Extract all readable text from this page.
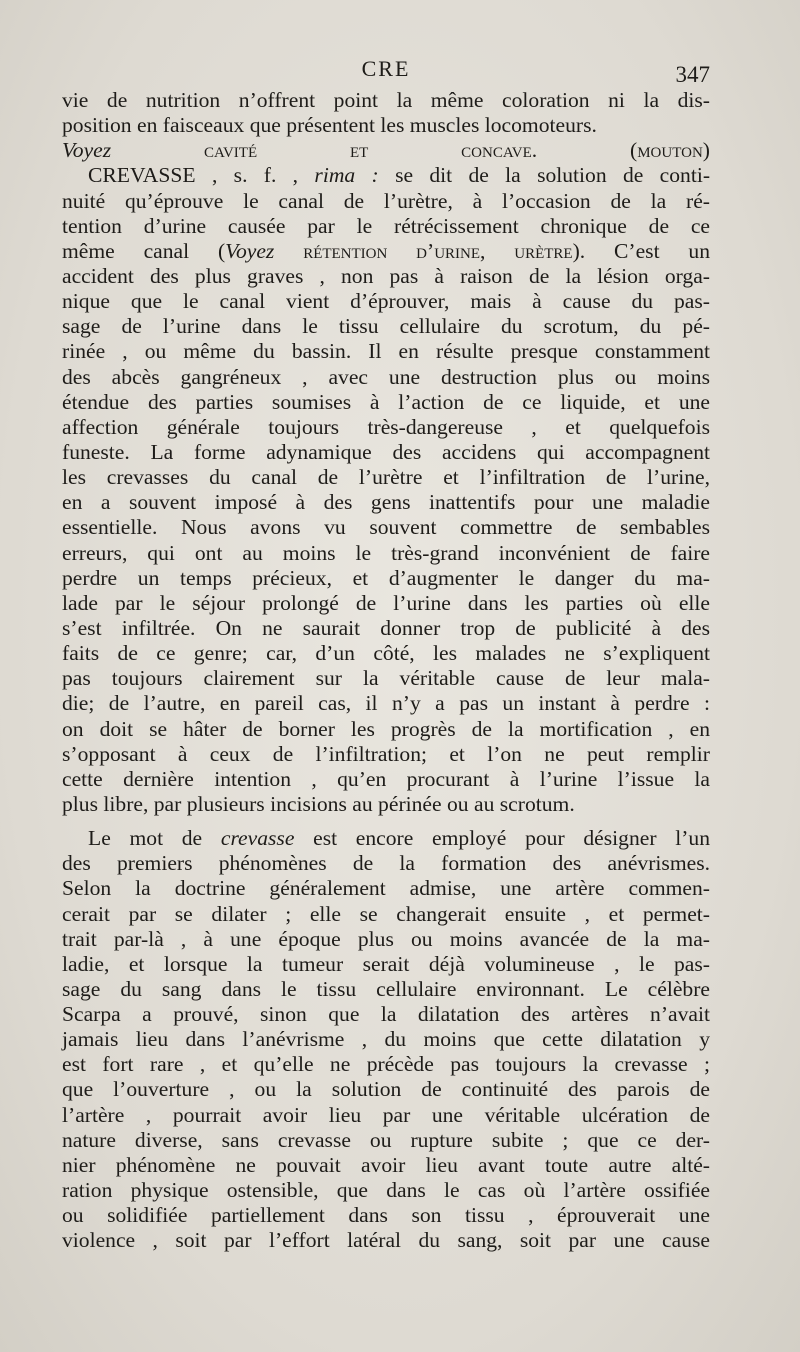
CRE	347
vie de nutrition n’offrent point la même coloration ni la dis-
position en faisceaux que présentent les muscles locomoteurs.
Voyez	cavité et concave.	(mouton)
CREVASSE , s. f. , rima : se dit de la solution de conti-
nuité qu’éprouve le canal de l’urètre, à l’occasion de la ré-
tention d’urine causée par le rétrécissement chronique de ce
même canal (Voyez rétention d’urine, urètre). C’est un
accident des plus graves , non pas à raison de la lésion orga-
nique que le canal vient d’éprouver, mais à cause du pas-
sage de l’urine dans le tissu cellulaire du scrotum, du pé-
rinée , ou même du bassin. Il en résulte presque constamment
des abcès gangréneux , avec une destruction plus ou moins
étendue des parties soumises à l’action de ce liquide, et une
affection générale toujours très-dangereuse , et quelquefois
funeste. La forme adynamique des accidens qui accompagnent
les crevasses du canal de l’urètre et l’infiltration de l’urine,
en a souvent imposé à des gens inattentifs pour une maladie
essentielle. Nous avons vu souvent commettre de sembables
erreurs, qui ont au moins le très-grand inconvénient de faire
perdre un temps précieux, et d’augmenter le danger du ma-
lade par le séjour prolongé de l’urine dans les parties où elle
s’est infiltrée. On ne saurait donner trop de publicité à des
faits de ce genre; car, d’un côté, les malades ne s’expliquent
pas toujours clairement sur la véritable cause de leur mala-
die; de l’autre, en pareil cas, il n’y a pas un instant à perdre :
on doit se hâter de borner les progrès de la mortification , en
s’opposant à ceux de l’infiltration; et l’on ne peut remplir
cette dernière intention , qu’en procurant à l’urine l’issue la
plus libre, par plusieurs incisions au périnée ou au scrotum.
Le mot de crevasse est encore employé pour désigner l’un
des premiers phénomènes de la formation des anévrismes.
Selon la doctrine généralement admise, une artère commen-
cerait par se dilater ; elle se changerait ensuite , et permet-
trait par-là , à une époque plus ou moins avancée de la ma-
ladie, et lorsque la tumeur serait déjà volumineuse , le pas-
sage du sang dans le tissu cellulaire environnant. Le célèbre
Scarpa a prouvé, sinon que la dilatation des artères n’avait
jamais lieu dans l’anévrisme , du moins que cette dilatation y
est fort rare , et qu’elle ne précède pas toujours la crevasse ;
que l’ouverture , ou la solution de continuité des parois de
l’artère , pourrait avoir lieu par une véritable ulcération de
nature diverse, sans crevasse ou rupture subite ; que ce der-
nier phénomène ne pouvait avoir lieu avant toute autre alté-
ration physique ostensible, que dans le cas où l’artère ossifiée
ou solidifiée partiellement dans son tissu , éprouverait une
violence , soit par l’effort latéral du sang, soit par une cause
